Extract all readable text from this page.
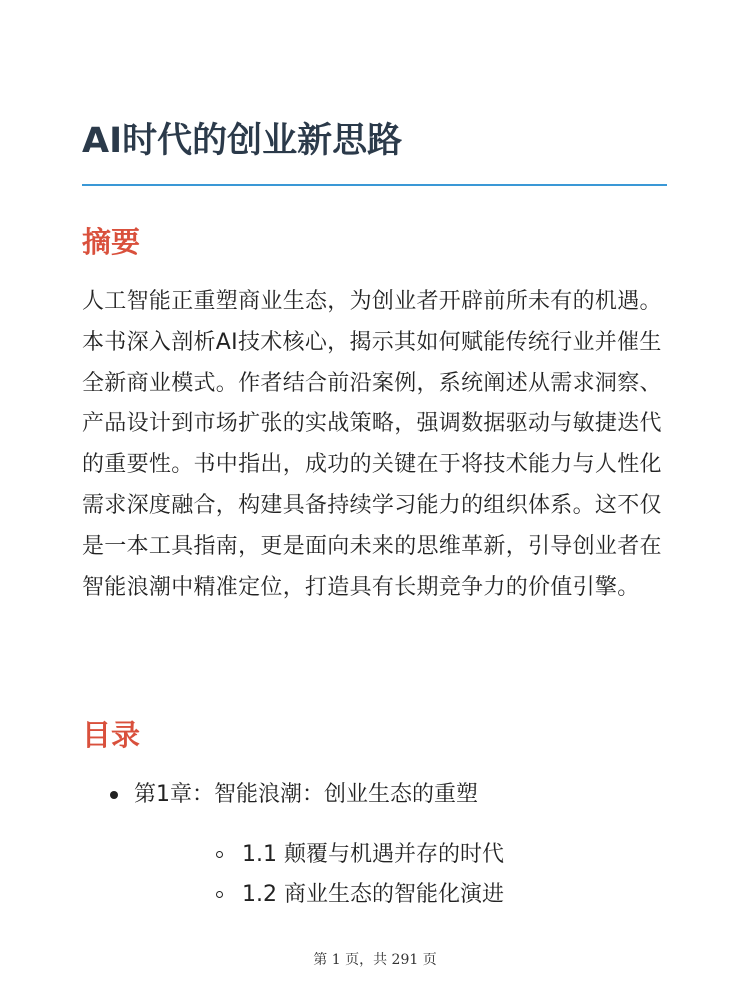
AI时代的创业新思路
摘要

人工智能正重塑商业生态，为创业者开辟前所未有的机遇。本书深入剖析AI技术核心，揭示其如何赋能传统行业并催生全新商业模式。作者结合前沿案例，系统阐述从需求洞察、产品设计到市场扩张的实战策略，强调数据驱动与敏捷迭代的重要性。书中指出，成功的关键在于将技术能力与人性化需求深度融合，构建具备持续学习能力的组织体系。这不仅是一本工具指南，更是面向未来的思维革新，引导创业者在智能浪潮中精准定位，打造具有长期竞争力的价值引擎。

目录
第1章：智能浪潮：创业生态的重塑
1.1 颠覆与机遇并存的时代
1.2 商业生态的智能化演进
第 1 页，共 291 页
